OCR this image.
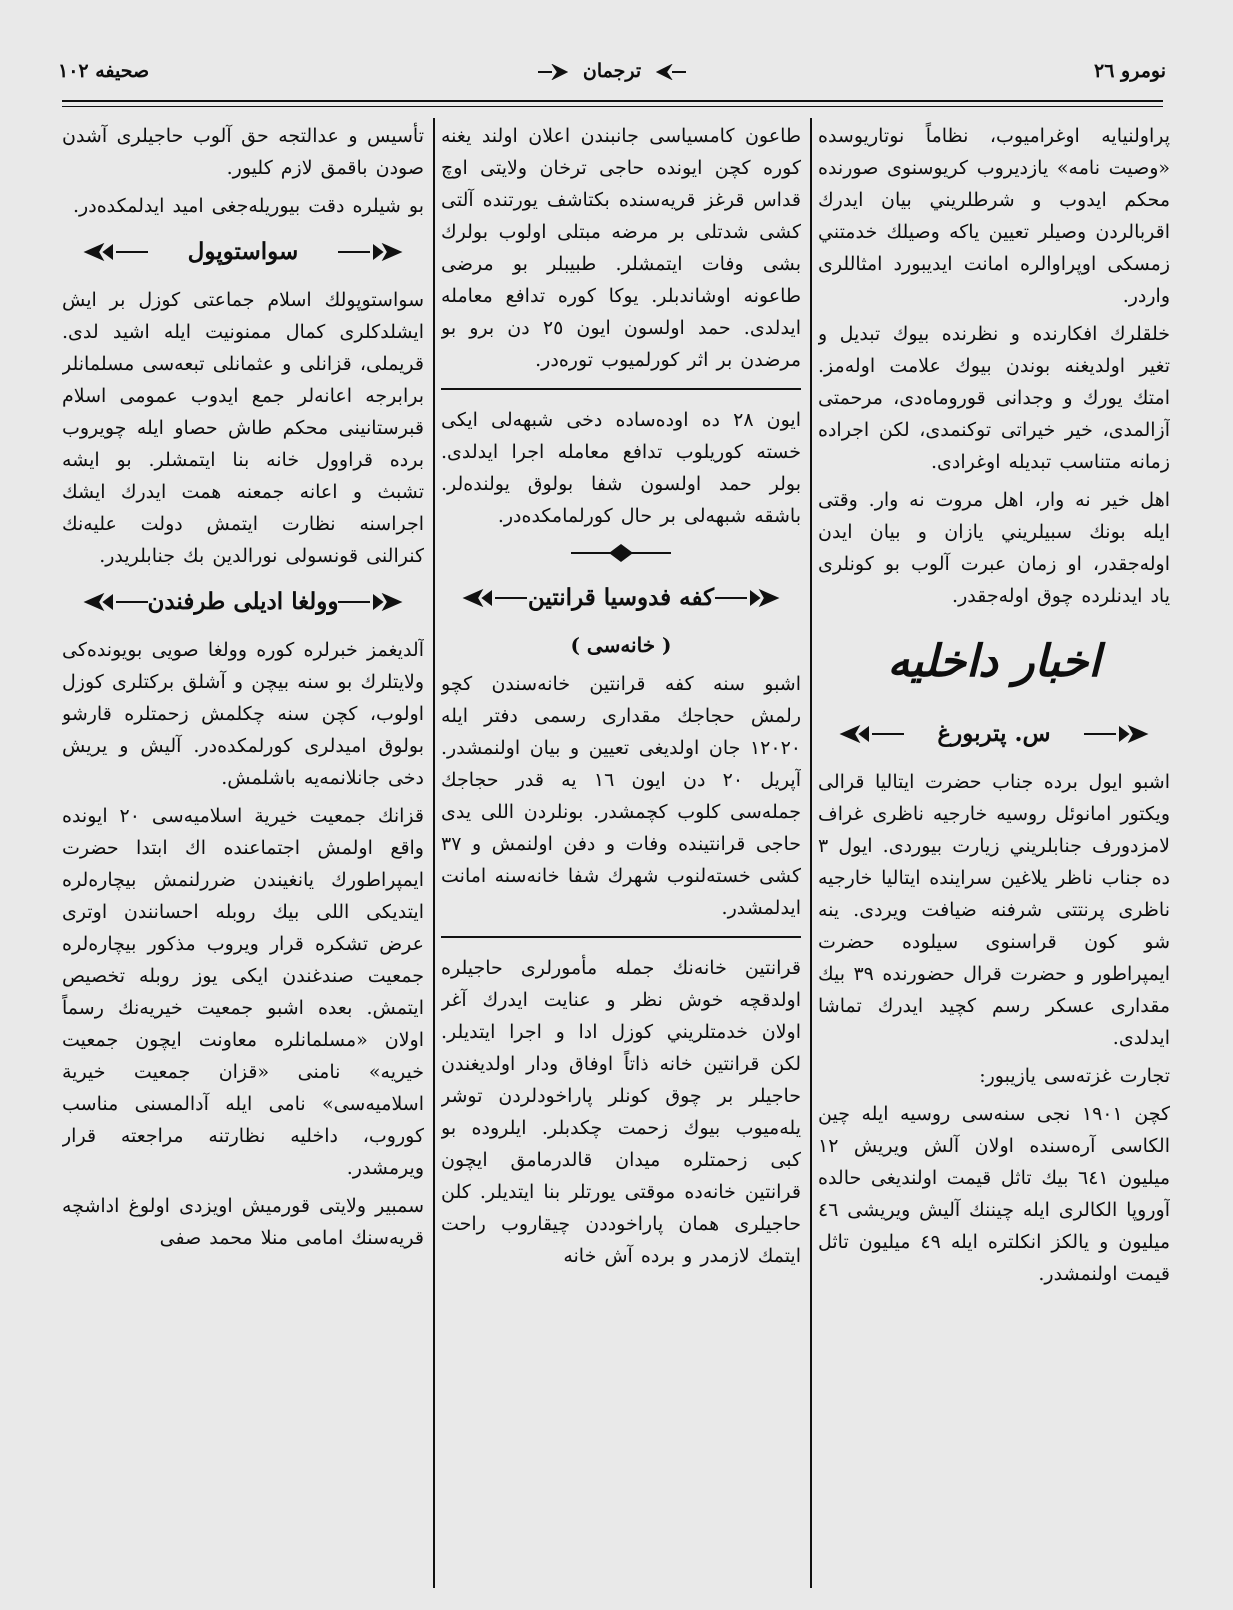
صحيفه ١٠٢	ترجمان	نومرو ٢٦

پراولنيايه اوغراميوب، نظاماً نوتاريوسده «وصيت نامه» يازديروب كريوسنوى صورنده محكم ايدوب و شرطلريني بيان ايدرك اقربالردن وصيلر تعيين ياكه وصيلك خدمتني زمسكى اوپراوالره امانت ايديبورد امثاللرى واردر.

خلقلرك افكارنده و نظرنده بيوك تبديل و تغير اولديغنه بوندن بيوك علامت اولەمز. امتك يورك و وجدانى قوروماەدى، مرحمتى آزالمدى، خير خيراتى توكنمدى، لكن اجراده زمانه متناسب تبديله اوغرادى.

اهل خير نه وار، اهل مروت نه وار. وقتى ايله بونك سبيلريني يازان و بيان ايدن اولەجقدر، او زمان عبرت آلوب بو كونلرى ياد ايدنلرده چوق اولەجقدر.

اخبار داخليه
س. پتربورغ

اشبو ايول برده جناب حضرت ايتاليا قرالى ويكتور امانوئل روسيه خارجيه ناظرى غراف لامزدورف جنابلريني زيارت بيوردى. ايول ٣ ده جناب ناظر يلاغين سرايندە ايتاليا خارجيه ناظرى پرنتتى شرفنه ضيافت ويردى. ينه شو كون قراسنوى سيلوده حضرت ايمپراطور و حضرت قرال حضورنده ٣٩ بيك مقدارى عسكر رسم كچيد ايدرك تماشا ايدلدى.

تجارت غزتەسى يازيبور:

كچن ١٩٠١ نجى سنەسى روسيه ايله چين الكاسى آرەسنده اولان آلش ويريش ١٢ ميليون ٦٤١ بيك تاثل قيمت اولنديغى حالده آوروپا الكالرى ايله چيننك آليش ويريشى ٤٦ ميليون و يالكز انكلتره ايله ٤٩ ميليون تاثل قيمت اولنمشدر.

طاعون كامسياسى جانبندن اعلان اولند يغنه كوره كچن ايونده حاجى ترخان ولايتى اوچ قداس قرغز قريەسنده بكتاشف يورتنده آلتى كشى شدتلى بر مرضه مبتلى اولوب بولرك بشى وفات ايتمشلر. طبيبلر بو مرضى طاعونه اوشاندبلر. يوكا كوره تدافع معامله ايدلدى. حمد اولسون ايون ٢٥ دن برو بو مرضدن بر اثر كورلميوب تورەدر.

ايون ٢٨ ده اوده‌ساده دخى شبهه‌لى ايكى خسته كوريلوب تدافع معامله اجرا ايدلدى. بولر حمد اولسون شفا بولوق يولنده‌لر. باشقه شبهه‌لى بر حال كورلمامكده‌در.

كفه فدوسيا قرانتين
( خانەسى )

اشبو سنه كفه قرانتين خانەسندن كچو رلمش حجاجك مقدارى رسمى دفتر ايله ١٢٠٢٠ جان اولديغى تعيين و بيان اولنمشدر. آپريل ٢٠ دن ايون ١٦ يه قدر حجاجك جملەسى كلوب كچمشدر. بونلردن اللى يدى حاجى قرانتينده وفات و دفن اولنمش و ٣٧ كشى خستەلنوب شهرك شفا خانەسنه امانت ايدلمشدر.

قرانتين خانەنك جمله مأمورلرى حاجيلره اولدقچه خوش نظر و عنايت ايدرك آغر اولان خدمتلريني كوزل ادا و اجرا ايتديلر. لكن قرانتين خانه ذاتاً اوفاق ودار اولديغندن حاجيلر بر چوق كونلر پاراخودلردن توشر يلەميوب بيوك زحمت چكدبلر. ايلروده بو كبى زحمتلره ميدان قالدرمامق ايچون قرانتين خانەده موقتى يورتلر بنا ايتديلر. كلن حاجيلرى همان پاراخوددن چيقاروب راحت ايتمك لازمدر و برده آش خانه

تأسيس و عدالتجه حق آلوب حاجيلرى آشدن صودن باقمق لازم كليور.

بو شيلره دقت بيوريلەجغى اميد ايدلمكده‌در.

سواستوپول

سواستوپولك اسلام جماعتى كوزل بر ايش ايشلدكلرى كمال ممنونيت ايله اشيد لدى. قريملى، قزانلى و عثمانلى تبعەسى مسلمانلر برابرجه اعانەلر جمع ايدوب عمومى اسلام قبرستانينى محكم طاش حصاو ايله چويروب برده قراوول خانه بنا ايتمشلر. بو ايشه تشبث و اعانه جمعنه همت ايدرك ايشك اجراسنه نظارت ايتمش دولت عليەنك كنرالنى قونسولى نورالدين بك جنابلريدر.

وولغا اديلى طرفندن

آلديغمز خبرلره كوره وولغا صويى بويونده‌كى ولايتلرك بو سنه بيچن و آشلق بركتلرى كوزل اولوب، كچن سنه چكلمش زحمتلره قارشو بولوق اميدلرى كورلمكده‌در. آليش و يريش دخى جانلانمەيه باشلمش.

قزانك جمعيت خيرية اسلاميەسى ٢٠ ايونده واقع اولمش اجتماعنده اك ابتدا حضرت ايمپراطورك يانغيندن ضررلنمش بيچارەلره ايتديكى اللى بيك روبله احسانندن اوترى عرض تشكره قرار ويروب مذكور بيچارەلره جمعيت صندغندن ايكى يوز روبله تخصيص ايتمش. بعده اشبو جمعيت خيريەنك رسماً اولان «مسلمانلره معاونت ايچون جمعيت خيريه» نامنى «قزان جمعيت خيرية اسلاميەسى» نامى ايله آدالمسنى مناسب كوروب، داخليه نظارتنه مراجعته قرار ويرمشدر.

سمبير ولايتى قورميش اويزدى اولوغ اداشچه قريەسنك امامى منلا محمد صفى
